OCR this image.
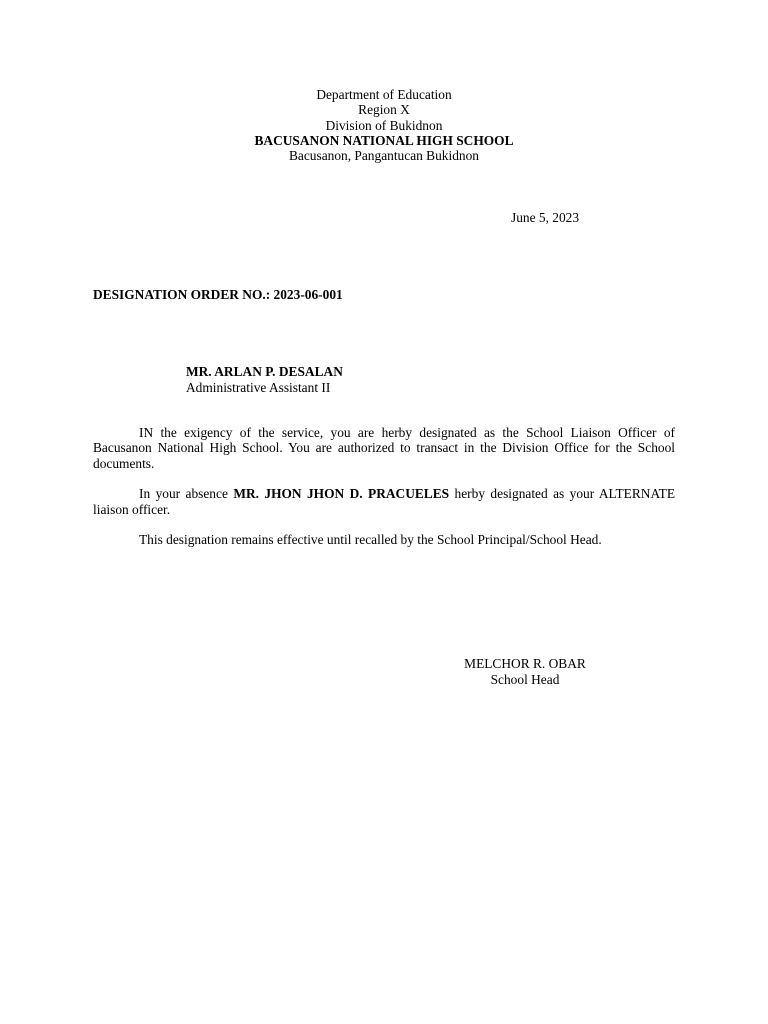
Department of Education
Region X
Division of Bukidnon
BACUSANON NATIONAL HIGH SCHOOL
Bacusanon, Pangantucan Bukidnon
June 5, 2023
DESIGNATION ORDER NO.: 2023-06-001
MR. ARLAN P. DESALAN
Administrative Assistant II

IN the exigency of the service, you are herby designated as the School Liaison Officer of Bacusanon National High School. You are authorized to transact in the Division Office for the School documents.

In your absence MR. JHON JHON D. PRACUELES herby designated as your ALTERNATE liaison officer.

This designation remains effective until recalled by the School Principal/School Head.

MELCHOR R. OBAR
School Head
